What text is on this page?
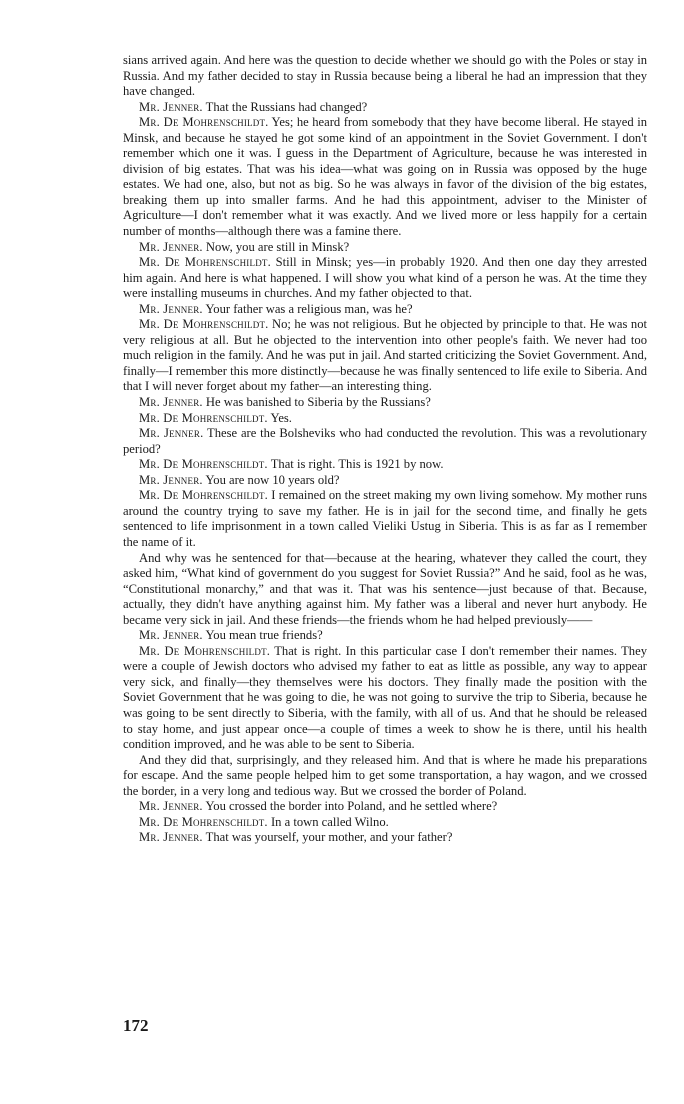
sians arrived again. And here was the question to decide whether we should go with the Poles or stay in Russia. And my father decided to stay in Russia because being a liberal he had an impression that they have changed.

Mr. Jenner. That the Russians had changed?

Mr. De Mohrenschildt. Yes; he heard from somebody that they have become liberal. He stayed in Minsk, and because he stayed he got some kind of an appointment in the Soviet Government. I don't remember which one it was. I guess in the Department of Agriculture, because he was interested in division of big estates. That was his idea—what was going on in Russia was opposed by the huge estates. We had one, also, but not as big. So he was always in favor of the division of the big estates, breaking them up into smaller farms. And he had this appointment, adviser to the Minister of Agriculture—I don't remember what it was exactly. And we lived more or less happily for a certain number of months—although there was a famine there.

Mr. Jenner. Now, you are still in Minsk?

Mr. De Mohrenschildt. Still in Minsk; yes—in probably 1920. And then one day they arrested him again. And here is what happened. I will show you what kind of a person he was. At the time they were installing museums in churches. And my father objected to that.

Mr. Jenner. Your father was a religious man, was he?

Mr. De Mohrenschildt. No; he was not religious. But he objected by principle to that. He was not very religious at all. But he objected to the intervention into other people's faith. We never had too much religion in the family. And he was put in jail. And started criticizing the Soviet Government. And, finally—I remember this more distinctly—because he was finally sentenced to life exile to Siberia. And that I will never forget about my father—an interesting thing.

Mr. Jenner. He was banished to Siberia by the Russians?

Mr. De Mohrenschildt. Yes.

Mr. Jenner. These are the Bolsheviks who had conducted the revolution. This was a revolutionary period?

Mr. De Mohrenschildt. That is right. This is 1921 by now.

Mr. Jenner. You are now 10 years old?

Mr. De Mohrenschildt. I remained on the street making my own living somehow. My mother runs around the country trying to save my father. He is in jail for the second time, and finally he gets sentenced to life imprisonment in a town called Vieliki Ustug in Siberia. This is as far as I remember the name of it.

And why was he sentenced for that—because at the hearing, whatever they called the court, they asked him, “What kind of government do you suggest for Soviet Russia?” And he said, fool as he was, “Constitutional monarchy,” and that was it. That was his sentence—just because of that. Because, actually, they didn't have anything against him. My father was a liberal and never hurt anybody. He became very sick in jail. And these friends—the friends whom he had helped previously——

Mr. Jenner. You mean true friends?

Mr. De Mohrenschildt. That is right. In this particular case I don't remember their names. They were a couple of Jewish doctors who advised my father to eat as little as possible, any way to appear very sick, and finally—they themselves were his doctors. They finally made the position with the Soviet Government that he was going to die, he was not going to survive the trip to Siberia, because he was going to be sent directly to Siberia, with the family, with all of us. And that he should be released to stay home, and just appear once—a couple of times a week to show he is there, until his health condition improved, and he was able to be sent to Siberia.

And they did that, surprisingly, and they released him. And that is where he made his preparations for escape. And the same people helped him to get some transportation, a hay wagon, and we crossed the border, in a very long and tedious way. But we crossed the border of Poland.

Mr. Jenner. You crossed the border into Poland, and he settled where?

Mr. De Mohrenschildt. In a town called Wilno.

Mr. Jenner. That was yourself, your mother, and your father?

172
